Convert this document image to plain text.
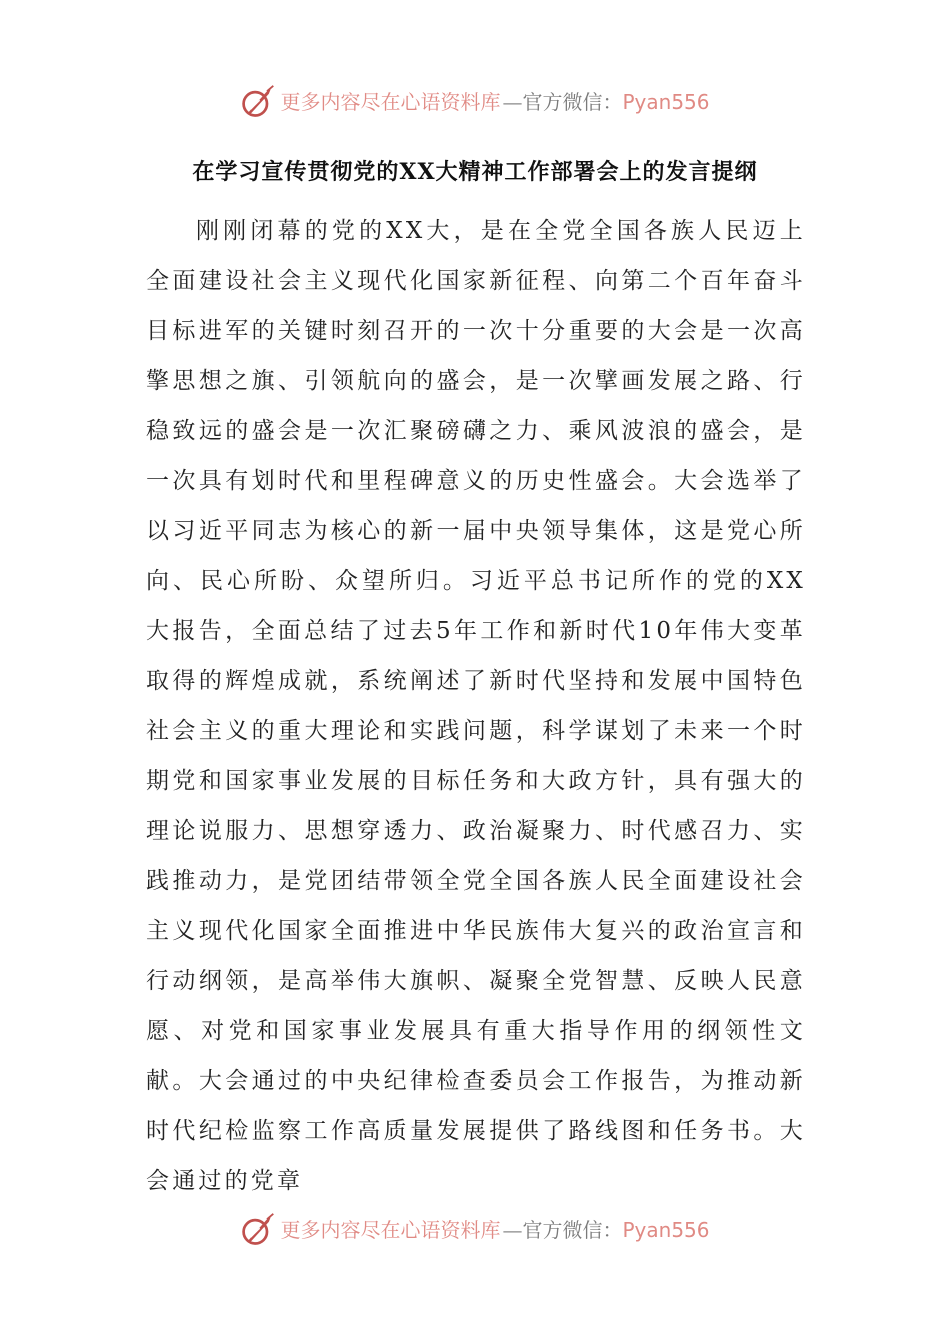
更多内容尽在心语资料库 — 官方微信： Pyan556
在学习宣传贯彻党的XX大精神工作部署会上的发言提纲

刚刚闭幕的党的XX大，是在全党全国各族人民迈上全面建设社会主义现代化国家新征程、向第二个百年奋斗目标进军的关键时刻召开的一次十分重要的大会是一次高擎思想之旗、引领航向的盛会，是一次擘画发展之路、行稳致远的盛会是一次汇聚磅礴之力、乘风波浪的盛会，是一次具有划时代和里程碑意义的历史性盛会。大会选举了以习近平同志为核心的新一届中央领导集体，这是党心所向、民心所盼、众望所归。习近平总书记所作的党的XX大报告，全面总结了过去5年工作和新时代10年伟大变革取得的辉煌成就，系统阐述了新时代坚持和发展中国特色社会主义的重大理论和实践问题，科学谋划了未来一个时期党和国家事业发展的目标任务和大政方针，具有强大的理论说服力、思想穿透力、政治凝聚力、时代感召力、实践推动力，是党团结带领全党全国各族人民全面建设社会主义现代化国家全面推进中华民族伟大复兴的政治宣言和行动纲领，是高举伟大旗帜、凝聚全党智慧、反映人民意愿、对党和国家事业发展具有重大指导作用的纲领性文献。大会通过的中央纪律检查委员会工作报告，为推动新时代纪检监察工作高质量发展提供了路线图和任务书。大会通过的党章

更多内容尽在心语资料库 — 官方微信： Pyan556
